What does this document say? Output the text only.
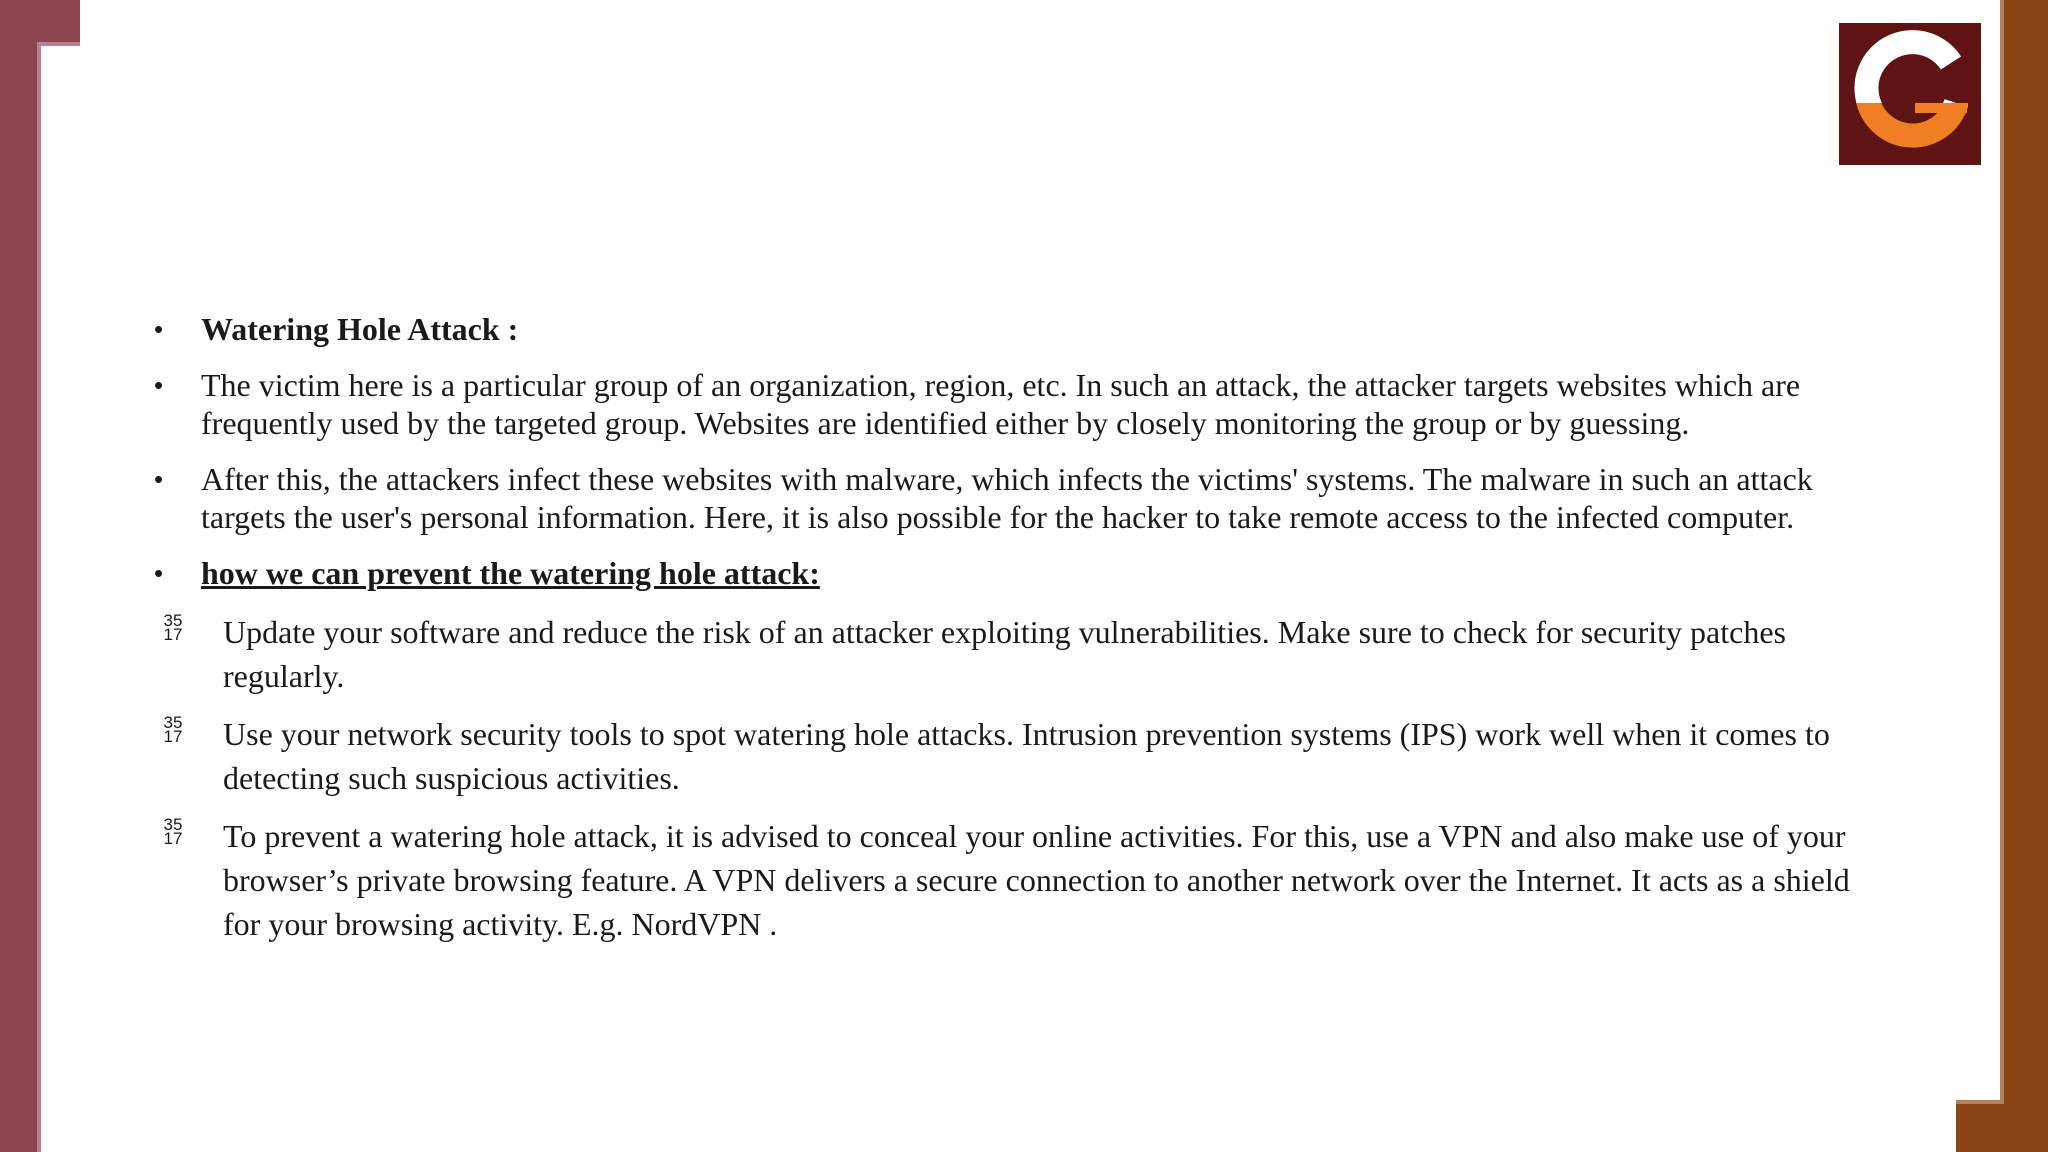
• Watering Hole Attack :
• The victim here is a particular group of an organization, region, etc. In such an attack, the attacker targets websites which are frequently used by the targeted group. Websites are identified either by closely monitoring the group or by guessing.
• After this, the attackers infect these websites with malware, which infects the victims' systems. The malware in such an attack targets the user's personal information. Here, it is also possible for the hacker to take remote access to the infected computer.
• how we can prevent the watering hole attack:
35
17 Update your software and reduce the risk of an attacker exploiting vulnerabilities. Make sure to check for security patches regularly.
35
17 Use your network security tools to spot watering hole attacks. Intrusion prevention systems (IPS) work well when it comes to detecting such suspicious activities.
35
17 To prevent a watering hole attack, it is advised to conceal your online activities. For this, use a VPN and also make use of your browser’s private browsing feature. A VPN delivers a secure connection to another network over the Internet. It acts as a shield for your browsing activity. E.g. NordVPN .
